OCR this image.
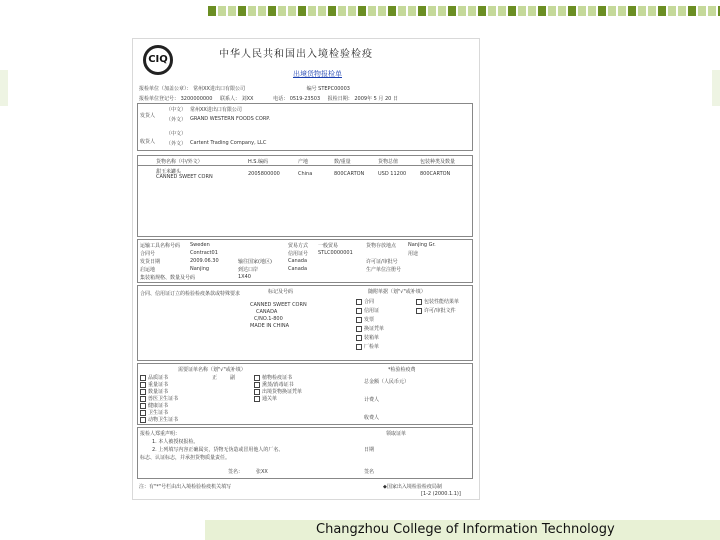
CIQ	中华人民共和国出入境检验检疫
出境货物报检单
报检单位（加盖公章）： 常州XX进出口有限公司	编号 STEPC00003
报检单位登记号： 3200000000 联系人： 刘XX	电话： 0519-23503 报检日期： 2009年 5 月 20 日
发货人
（中文） 常州XX进出口有限公司
（外文） GRAND WESTERN FOODS CORP.
收货人
（中文）
（外文） Cartent Trading Company, LLC
货物名称（中/外文）	H.S.编码	产地	数/重量	货物总值	包装种类及数量
甜玉米罐头
CANNED SWEET CORN	2005800000	China	800CARTON	USD 11200	800CARTON
运输工具名称号码 Sweden	贸易方式 一般贸易	货物存放地点 Nanjing Gr.
合同号	Contract01	信用证号 STLC0000001	用途
发货日期	2009.06.30	输往国家(地区)	Canada	许可证/审批号
启运地	Nanjing	到达口岸	Canada	生产单位注册号
集装箱规格、数量及号码	1X40
合同、信用证订立的检验检疫条款或特殊要求	标记及号码
CANNED SWEET CORN
CANADA
C/NO.1-800
MADE IN CHINA
随附单据（划"√"或补填）
合同
信用证
发票
换证凭单
装箱单
厂检单
包装性能结果单
许可/审批文件
需要证单名称（划"√"或补填）
品质证书
重量证书
数量证书
兽医卫生证书
健康证书
卫生证书
动物卫生证书
植物检疫证书
熏蒸/消毒证书
出境货物换证凭单
通关单
正	副
*检验检疫费
总金额（人民币元）
计费人
收费人
报检人郑重声明：
1. 本人被授权报检。
2. 上列填写内容正确属实，货物无伪造或冒用他人的厂名、
标志、认证标志，并承担货物质量责任。
签名：	张XX
领取证单
日期
签名
注：有"*"号栏由出入境检验检疫机关填写	◆国家出入境检验检疫局制
[1-2 (2000.1.1)]
Changzhou College of Information Technology
